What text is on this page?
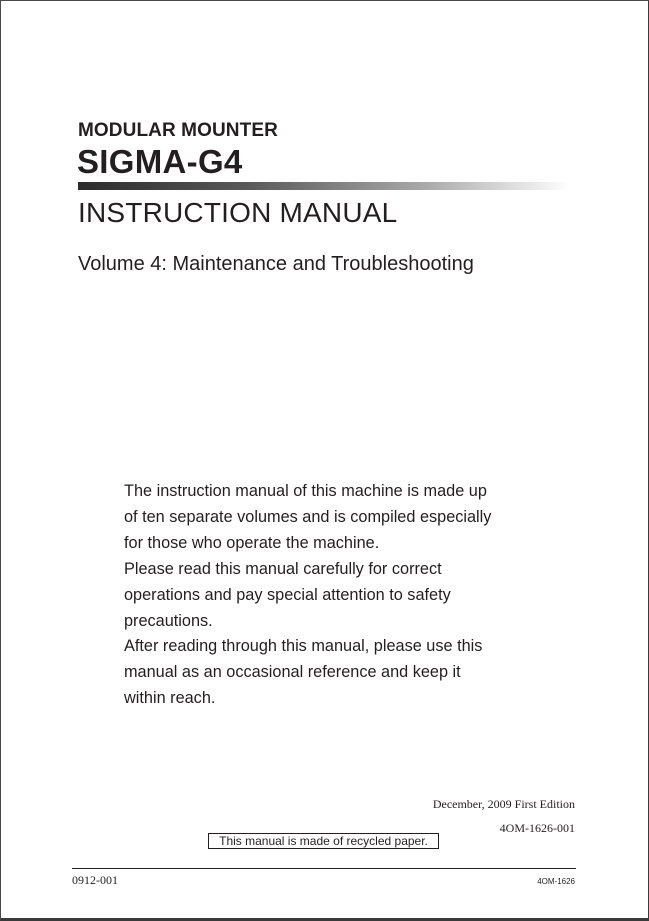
MODULAR MOUNTER
SIGMA-G4
INSTRUCTION MANUAL
Volume 4: Maintenance and Troubleshooting
The instruction manual of this machine is made up
of ten separate volumes and is compiled especially
for those who operate the machine.
Please read this manual carefully for correct
operations and pay special attention to safety
precautions.
After reading through this manual, please use this
manual as an occasional reference and keep it
within reach.
December, 2009 First Edition
4OM-1626-001
This manual is made of recycled paper.
0912-001	4OM-1626
